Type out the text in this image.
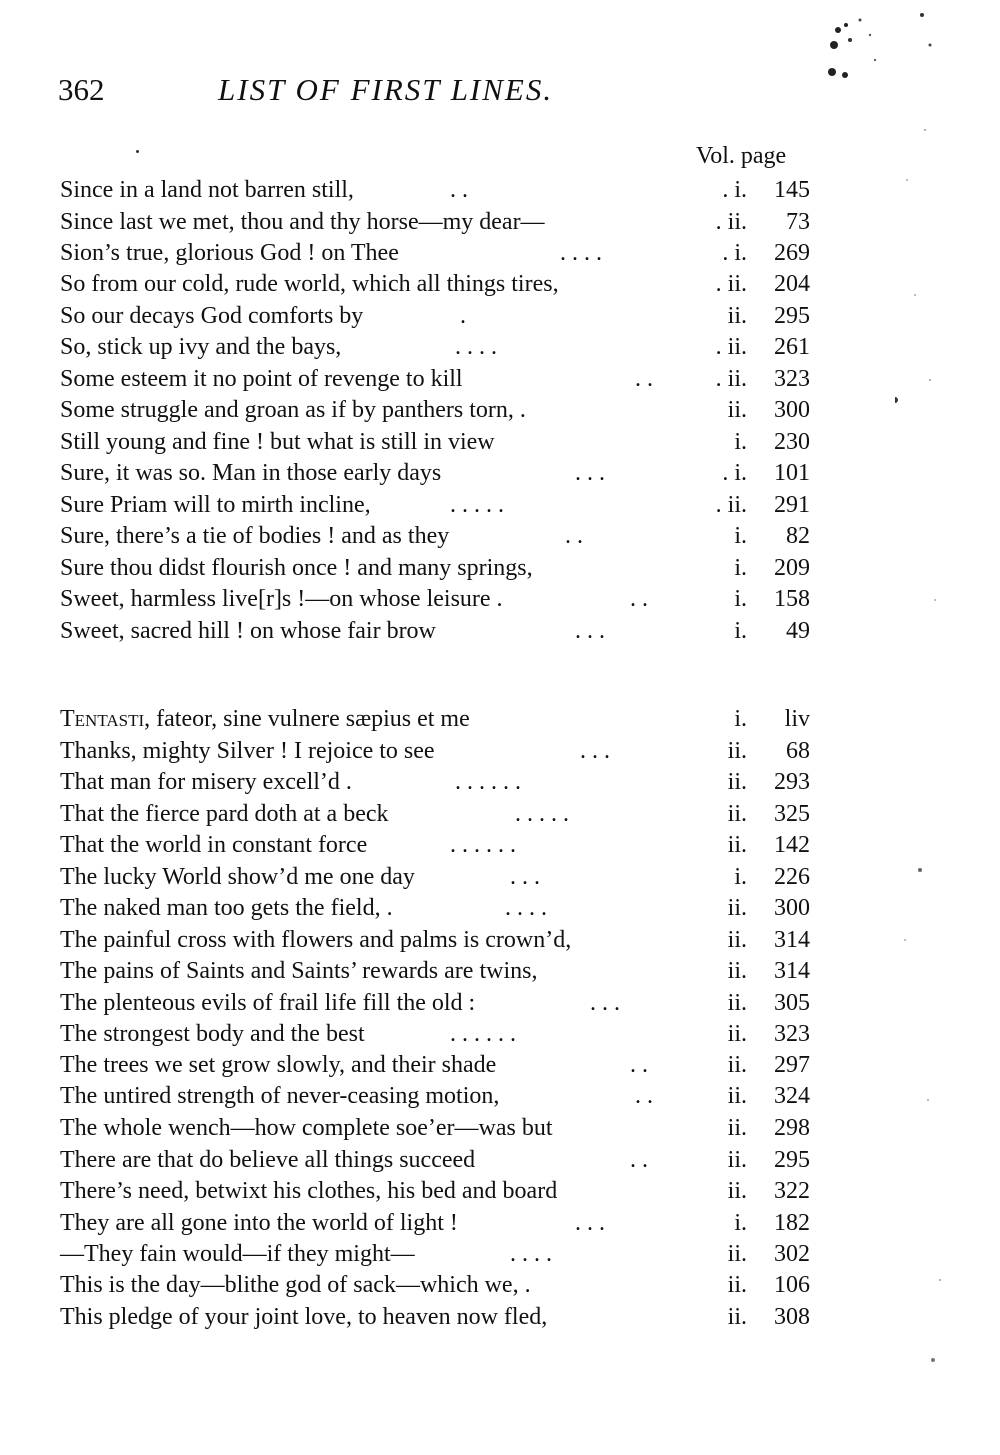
362	LIST OF FIRST LINES.
Vol. page
Since in a land not barren still,	. .	. i. 145
Since last we met, thou and thy horse—my dear—	. ii. 73
Sion’s true, glorious God ! on Thee	. . . .	. i. 269
So from our cold, rude world, which all things tires,	. ii. 204
So our decays God comforts by	.	ii. 295
So, stick up ivy and the bays,	. . . .	. ii. 261
Some esteem it no point of revenge to kill	. .	. ii. 323
Some struggle and groan as if by panthers torn, .	ii. 300
Still young and fine ! but what is still in view	i. 230
Sure, it was so. Man in those early days	. . .	. i. 101
Sure Priam will to mirth incline,	. . . . .	. ii. 291
Sure, there’s a tie of bodies ! and as they	. .	i. 82
Sure thou didst flourish once ! and many springs,	i. 209
Sweet, harmless live[r]s !—on whose leisure .	. .	i. 158
Sweet, sacred hill ! on whose fair brow	. . .	i. 49
Tentasti, fateor, sine vulnere sæpius et me	i. liv
Thanks, mighty Silver ! I rejoice to see	. . .	ii. 68
That man for misery excell’d .	. . . . . .	ii. 293
That the fierce pard doth at a beck	. . . . .	ii. 325
That the world in constant force	. . . . . .	ii. 142
The lucky World show’d me one day	. . .	i. 226
The naked man too gets the field, .	. . . .	ii. 300
The painful cross with flowers and palms is crown’d,	ii. 314
The pains of Saints and Saints’ rewards are twins,	ii. 314
The plenteous evils of frail life fill the old :	. . .	ii. 305
The strongest body and the best	. . . . . .	ii. 323
The trees we set grow slowly, and their shade	. .	ii. 297
The untired strength of never-ceasing motion,	. .	ii. 324
The whole wench—how complete soe’er—was but	ii. 298
There are that do believe all things succeed	. .	ii. 295
There’s need, betwixt his clothes, his bed and board	ii. 322
They are all gone into the world of light !	. . .	i. 182
—They fain would—if they might—	. . . .	ii. 302
This is the day—blithe god of sack—which we, .	ii. 106
This pledge of your joint love, to heaven now fled,	ii. 308
